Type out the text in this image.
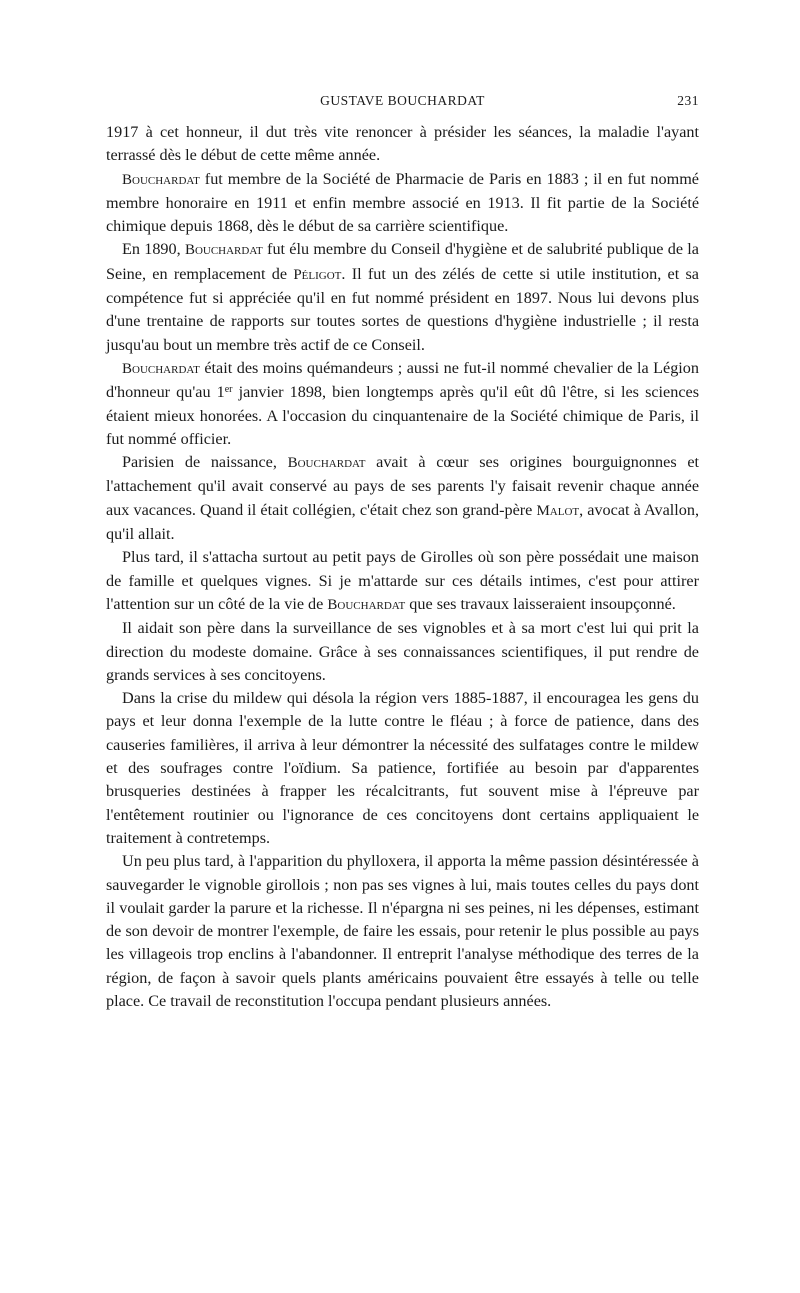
GUSTAVE BOUCHARDAT	231

1917 à cet honneur, il dut très vite renoncer à présider les séances, la maladie l'ayant terrassé dès le début de cette même année.

Bouchardat fut membre de la Société de Pharmacie de Paris en 1883 ; il en fut nommé membre honoraire en 1911 et enfin membre associé en 1913. Il fit partie de la Société chimique depuis 1868, dès le début de sa carrière scientifique.

En 1890, Bouchardat fut élu membre du Conseil d'hygiène et de salubrité publique de la Seine, en remplacement de Péligot. Il fut un des zélés de cette si utile institution, et sa compétence fut si appréciée qu'il en fut nommé président en 1897. Nous lui devons plus d'une trentaine de rapports sur toutes sortes de questions d'hygiène industrielle ; il resta jusqu'au bout un membre très actif de ce Conseil.

Bouchardat était des moins quémandeurs ; aussi ne fut-il nommé chevalier de la Légion d'honneur qu'au 1er janvier 1898, bien longtemps après qu'il eût dû l'être, si les sciences étaient mieux honorées. A l'occasion du cinquantenaire de la Société chimique de Paris, il fut nommé officier.

Parisien de naissance, Bouchardat avait à cœur ses origines bourguignonnes et l'attachement qu'il avait conservé au pays de ses parents l'y faisait revenir chaque année aux vacances. Quand il était collégien, c'était chez son grand-père Malot, avocat à Avallon, qu'il allait.

Plus tard, il s'attacha surtout au petit pays de Girolles où son père possédait une maison de famille et quelques vignes. Si je m'attarde sur ces détails intimes, c'est pour attirer l'attention sur un côté de la vie de Bouchardat que ses travaux laisseraient insoupçonné.

Il aidait son père dans la surveillance de ses vignobles et à sa mort c'est lui qui prit la direction du modeste domaine. Grâce à ses connaissances scientifiques, il put rendre de grands services à ses concitoyens.

Dans la crise du mildew qui désola la région vers 1885-1887, il encouragea les gens du pays et leur donna l'exemple de la lutte contre le fléau ; à force de patience, dans des causeries familières, il arriva à leur démontrer la nécessité des sulfatages contre le mildew et des soufrages contre l'oïdium. Sa patience, fortifiée au besoin par d'apparentes brusqueries destinées à frapper les récalcitrants, fut souvent mise à l'épreuve par l'entêtement routinier ou l'ignorance de ces concitoyens dont certains appliquaient le traitement à contretemps.

Un peu plus tard, à l'apparition du phylloxera, il apporta la même passion désintéressée à sauvegarder le vignoble girollois ; non pas ses vignes à lui, mais toutes celles du pays dont il voulait garder la parure et la richesse. Il n'épargna ni ses peines, ni les dépenses, estimant de son devoir de montrer l'exemple, de faire les essais, pour retenir le plus possible au pays les villageois trop enclins à l'abandonner. Il entreprit l'analyse méthodique des terres de la région, de façon à savoir quels plants américains pouvaient être essayés à telle ou telle place. Ce travail de reconstitution l'occupa pendant plusieurs années.
